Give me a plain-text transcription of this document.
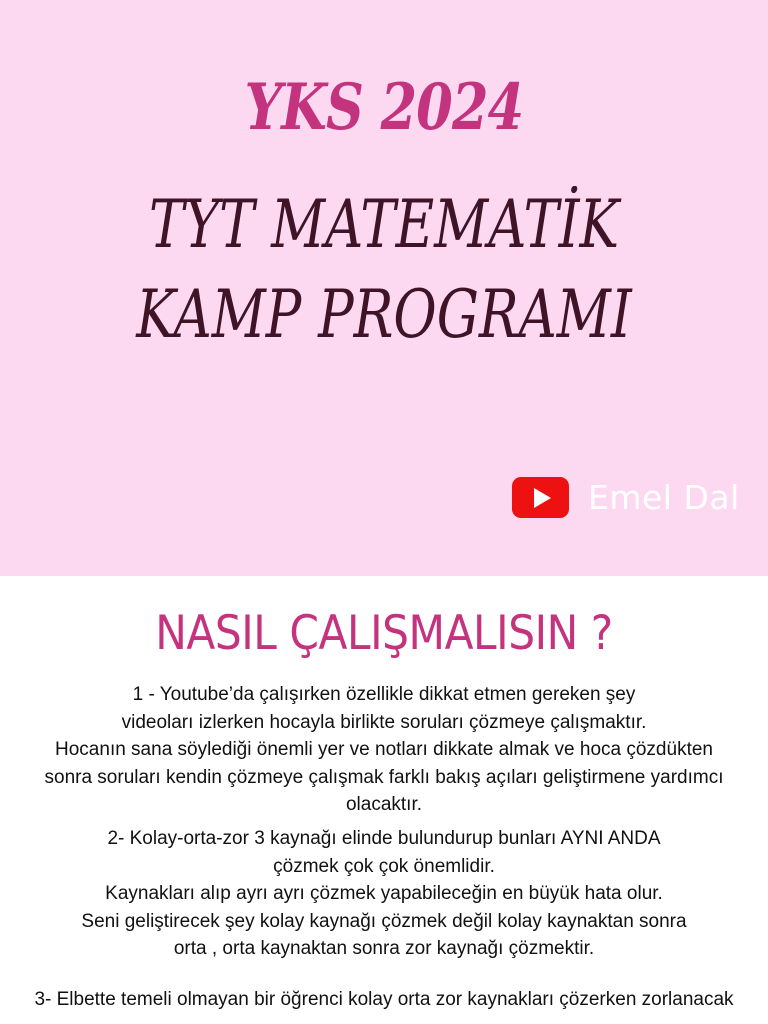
YKS 2024
TYT MATEMATİK
KAMP PROGRAMI
Emel Dal
NASIL ÇALIŞMALISIN ?
1 - Youtube’da çalışırken özellikle dikkat etmen gereken şey
videoları izlerken hocayla birlikte soruları çözmeye çalışmaktır.
Hocanın sana söylediği önemli yer ve notları dikkate almak ve hoca çözdükten
sonra soruları kendin çözmeye çalışmak farklı bakış açıları geliştirmene yardımcı
olacaktır.
2- Kolay-orta-zor 3 kaynağı elinde bulundurup bunları AYNI ANDA
çözmek çok çok önemlidir.
Kaynakları alıp ayrı ayrı çözmek yapabileceğin en büyük hata olur.
Seni geliştirecek şey kolay kaynağı çözmek değil kolay kaynaktan sonra
orta , orta kaynaktan sonra zor kaynağı çözmektir.
3- Elbette temeli olmayan bir öğrenci kolay orta zor kaynakları çözerken zorlanacak
